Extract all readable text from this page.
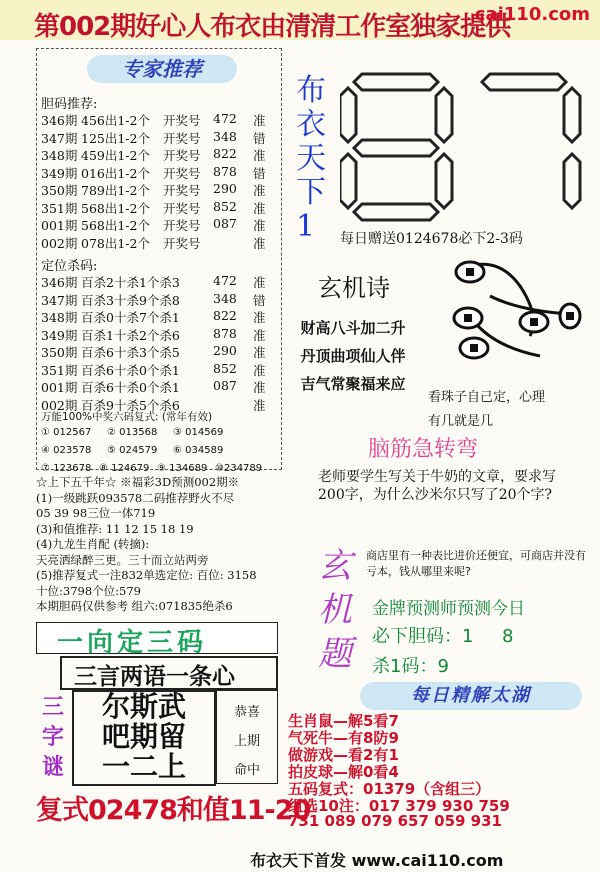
第002期好心人布衣由清清工作室独家提供
cai110.com
专家推荐
胆码推荐:
346期 456出1-2个 开奖号 472 准
347期 125出1-2个 开奖号 348 错
348期 459出1-2个 开奖号 822 准
349期 016出1-2个 开奖号 878 错
350期 789出1-2个 开奖号 290 准
351期 568出1-2个 开奖号 852 准
001期 568出1-2个 开奖号 087 准
002期 078出1-2个 开奖号	准
定位杀码:
346期 百杀2十杀1个杀3	472 准
347期 百杀3十杀9个杀8	348 错
348期 百杀0十杀7个杀1	822 准
349期 百杀1十杀2个杀6	878 准
350期 百杀6十杀3个杀5	290 准
351期 百杀6十杀0个杀1	852 准
001期 百杀6十杀0个杀1	087 准
002期 百杀9十杀5个杀6	准
万能100%中奖六码复式: (常年有效)
① 012567 ② 013568 ③ 014569
④ 023578 ⑤ 024579 ⑥ 034589
⑦ 123678 ⑧ 124679 ⑨ 134689 ⑩234789
☆上下五千年☆ ※福彩3D预测002期※
(1)一级跳跃093578二码推荐野火不尽
05 39 98三位一体719
(3)和值推荐: 11 12 15 18 19
(4)九龙生肖配 (转摘):
天亮洒绿醉三更。三十而立站两旁
(5)推荐复式一注832单选定位: 百位: 3158
十位:3798个位:579
本期胆码仅供参考 组六:071835绝杀6
一向定三码
三言两语一条心
三
字
谜
尔斯武
吧期留
一二上
恭喜
上期
命中
复式02478和值11-20
布
衣
天
下
1	每日赠送0124678必下2-3码
玄机诗
财高八斗加二升
丹顶曲项仙人伴
吉气常聚福来应
看珠子自己定，心理
有几就是几
脑筋急转弯
老师要学生写关于牛奶的文章，要求写200字，为什么沙米尔只写了20个字?
玄
机
题
商店里有一种表比进价还便宜，可商店并没有亏本，钱从哪里来呢?
金牌预测师预测今日
必下胆码：1     8
杀1码：9
每日精解太湖
生肖鼠—解5看7
气死牛—有8防9
做游戏—看2有1
拍皮球—解0看4
五码复式：01379（含组三）
组选10注：017 379 930 759
731 089 079 657 059 931
布衣天下首发 www.cai110.com
